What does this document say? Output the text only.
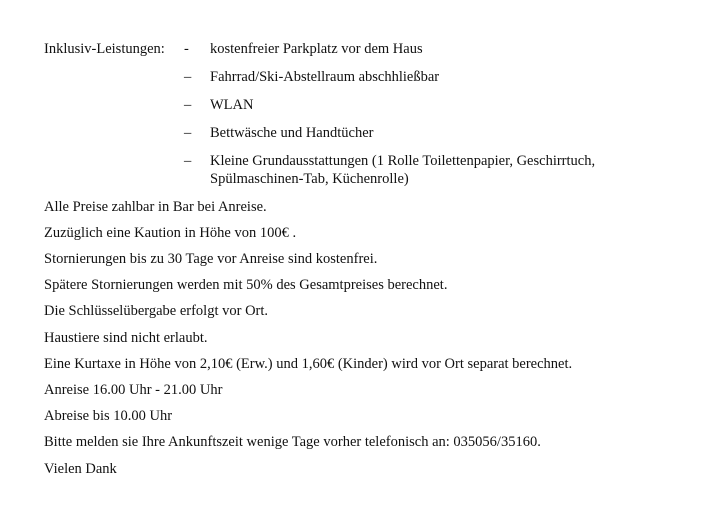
Inklusiv-Leistungen: - kostenfreier Parkplatz vor dem Haus
– Fahrrad/Ski-Abstellraum abschhließbar
– WLAN
– Bettwäsche und Handtücher
– Kleine Grundausstattungen (1 Rolle Toilettenpapier, Geschirrtuch, Spülmaschinen-Tab, Küchenrolle)
Alle Preise zahlbar in Bar bei Anreise.
Zuzüglich eine Kaution in Höhe von 100€ .
Stornierungen bis zu 30 Tage vor Anreise sind kostenfrei.
Spätere Stornierungen werden mit 50% des Gesamtpreises berechnet.
Die Schlüsselübergabe erfolgt vor Ort.
Haustiere sind nicht erlaubt.
Eine Kurtaxe in Höhe von 2,10€ (Erw.) und 1,60€ (Kinder) wird vor Ort separat berechnet.
Anreise 16.00 Uhr - 21.00 Uhr
Abreise bis 10.00 Uhr
Bitte melden sie Ihre Ankunftszeit wenige Tage vorher telefonisch an: 035056/35160.
Vielen Dank
